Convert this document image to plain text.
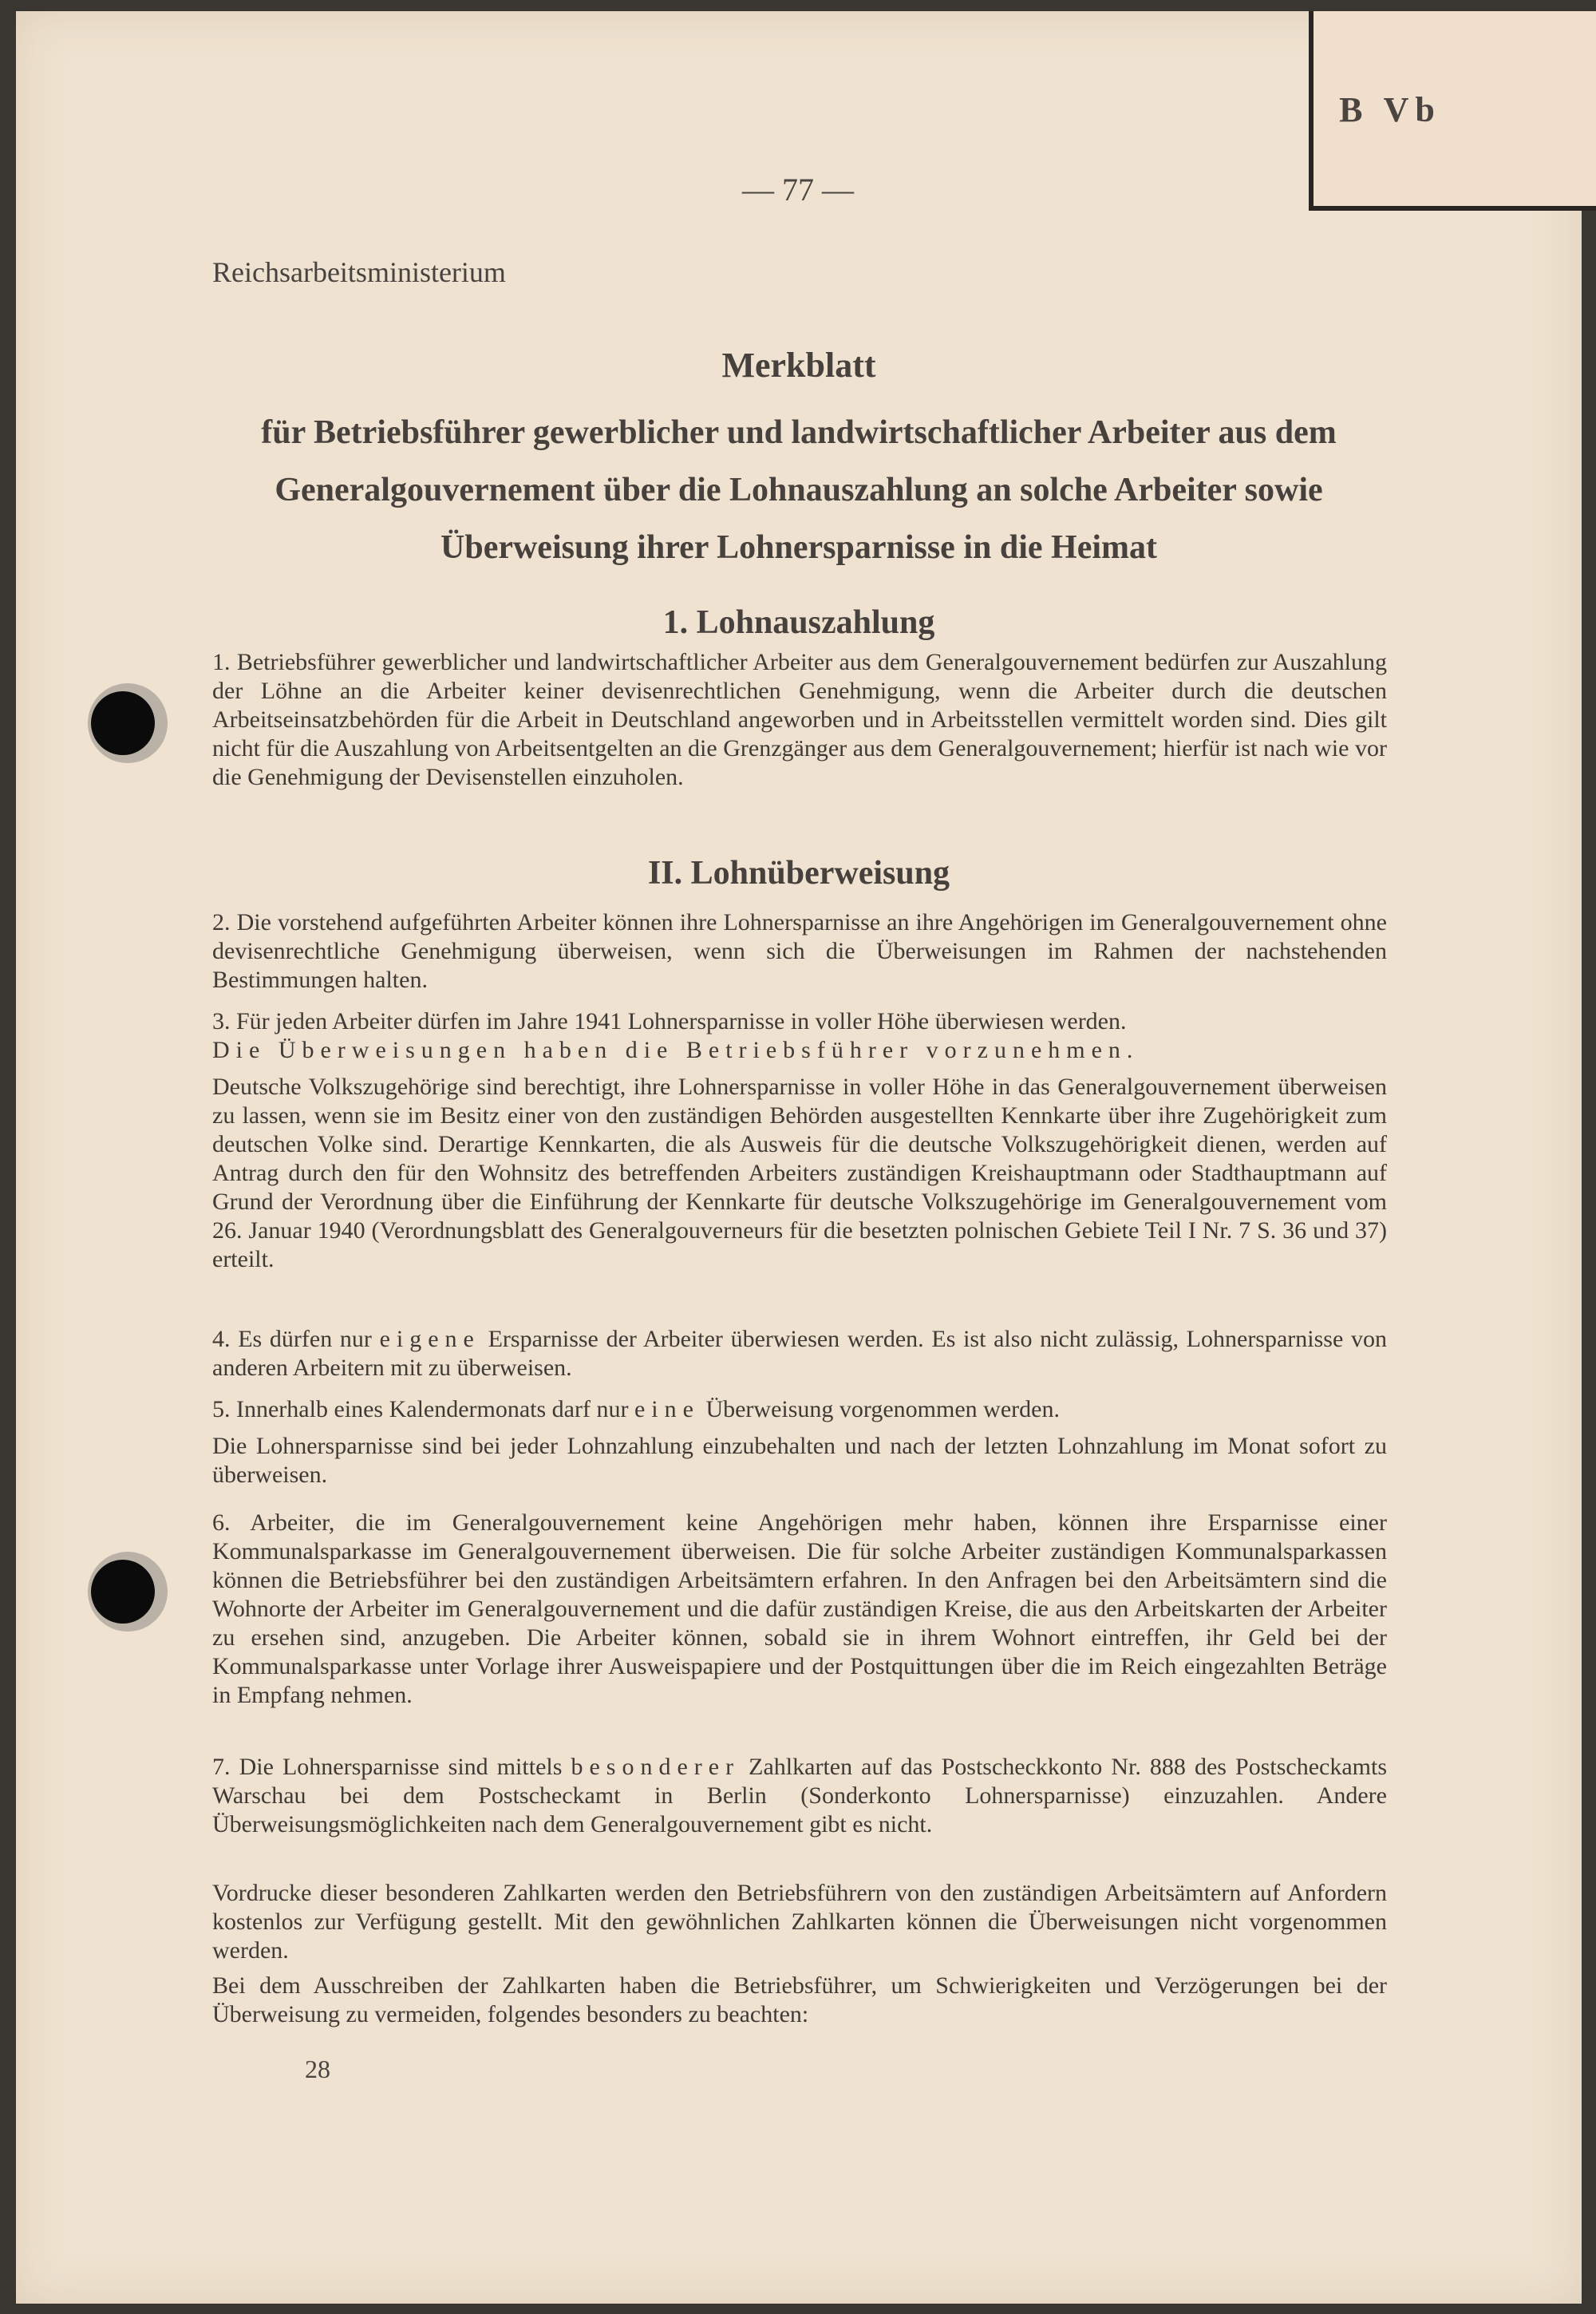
B Vb
— 77 —
Reichsarbeitsministerium
Merkblatt
für Betriebsführer gewerblicher und landwirtschaftlicher Arbeiter aus dem
Generalgouvernement über die Lohnauszahlung an solche Arbeiter sowie
Überweisung ihrer Lohnersparnisse in die Heimat
1. Lohnauszahlung
1. Betriebsführer gewerblicher und landwirtschaftlicher Arbeiter aus dem Generalgouvernement bedürfen zur Auszahlung der Löhne an die Arbeiter keiner devisenrechtlichen Genehmigung, wenn die Arbeiter durch die deutschen Arbeitseinsatzbehörden für die Arbeit in Deutschland angeworben und in Arbeitsstellen vermittelt worden sind. Dies gilt nicht für die Auszahlung von Arbeitsentgelten an die Grenzgänger aus dem Generalgouvernement; hierfür ist nach wie vor die Genehmigung der Devisenstellen einzuholen.
II. Lohnüberweisung
2. Die vorstehend aufgeführten Arbeiter können ihre Lohnersparnisse an ihre Angehörigen im Generalgouvernement ohne devisenrechtliche Genehmigung überweisen, wenn sich die Überweisungen im Rahmen der nachstehenden Bestimmungen halten.
3. Für jeden Arbeiter dürfen im Jahre 1941 Lohnersparnisse in voller Höhe überwiesen werden.
Die Überweisungen haben die Betriebsführer vorzunehmen.
Deutsche Volkszugehörige sind berechtigt, ihre Lohnersparnisse in voller Höhe in das Generalgouvernement überweisen zu lassen, wenn sie im Besitz einer von den zuständigen Behörden ausgestellten Kennkarte über ihre Zugehörigkeit zum deutschen Volke sind. Derartige Kennkarten, die als Ausweis für die deutsche Volkszugehörigkeit dienen, werden auf Antrag durch den für den Wohnsitz des betreffenden Arbeiters zuständigen Kreishauptmann oder Stadthauptmann auf Grund der Verordnung über die Einführung der Kennkarte für deutsche Volkszugehörige im Generalgouvernement vom 26. Januar 1940 (Verordnungsblatt des Generalgouverneurs für die besetzten polnischen Gebiete Teil I Nr. 7 S. 36 und 37) erteilt.
4. Es dürfen nur eigene Ersparnisse der Arbeiter überwiesen werden. Es ist also nicht zulässig, Lohnersparnisse von anderen Arbeitern mit zu überweisen.
5. Innerhalb eines Kalendermonats darf nur eine Überweisung vorgenommen werden.
Die Lohnersparnisse sind bei jeder Lohnzahlung einzubehalten und nach der letzten Lohnzahlung im Monat sofort zu überweisen.
6. Arbeiter, die im Generalgouvernement keine Angehörigen mehr haben, können ihre Ersparnisse einer Kommunalsparkasse im Generalgouvernement überweisen. Die für solche Arbeiter zuständigen Kommunalsparkassen können die Betriebsführer bei den zuständigen Arbeitsämtern erfahren. In den Anfragen bei den Arbeitsämtern sind die Wohnorte der Arbeiter im Generalgouvernement und die dafür zuständigen Kreise, die aus den Arbeitskarten der Arbeiter zu ersehen sind, anzugeben. Die Arbeiter können, sobald sie in ihrem Wohnort eintreffen, ihr Geld bei der Kommunalsparkasse unter Vorlage ihrer Ausweispapiere und der Postquittungen über die im Reich eingezahlten Beträge in Empfang nehmen.
7. Die Lohnersparnisse sind mittels besonderer Zahlkarten auf das Postscheckkonto Nr. 888 des Postscheckamts Warschau bei dem Postscheckamt in Berlin (Sonderkonto Lohnersparnisse) einzuzahlen. Andere Überweisungsmöglichkeiten nach dem Generalgouvernement gibt es nicht.
Vordrucke dieser besonderen Zahlkarten werden den Betriebsführern von den zuständigen Arbeitsämtern auf Anfordern kostenlos zur Verfügung gestellt. Mit den gewöhnlichen Zahlkarten können die Überweisungen nicht vorgenommen werden.
Bei dem Ausschreiben der Zahlkarten haben die Betriebsführer, um Schwierigkeiten und Verzögerungen bei der Überweisung zu vermeiden, folgendes besonders zu beachten:
28
